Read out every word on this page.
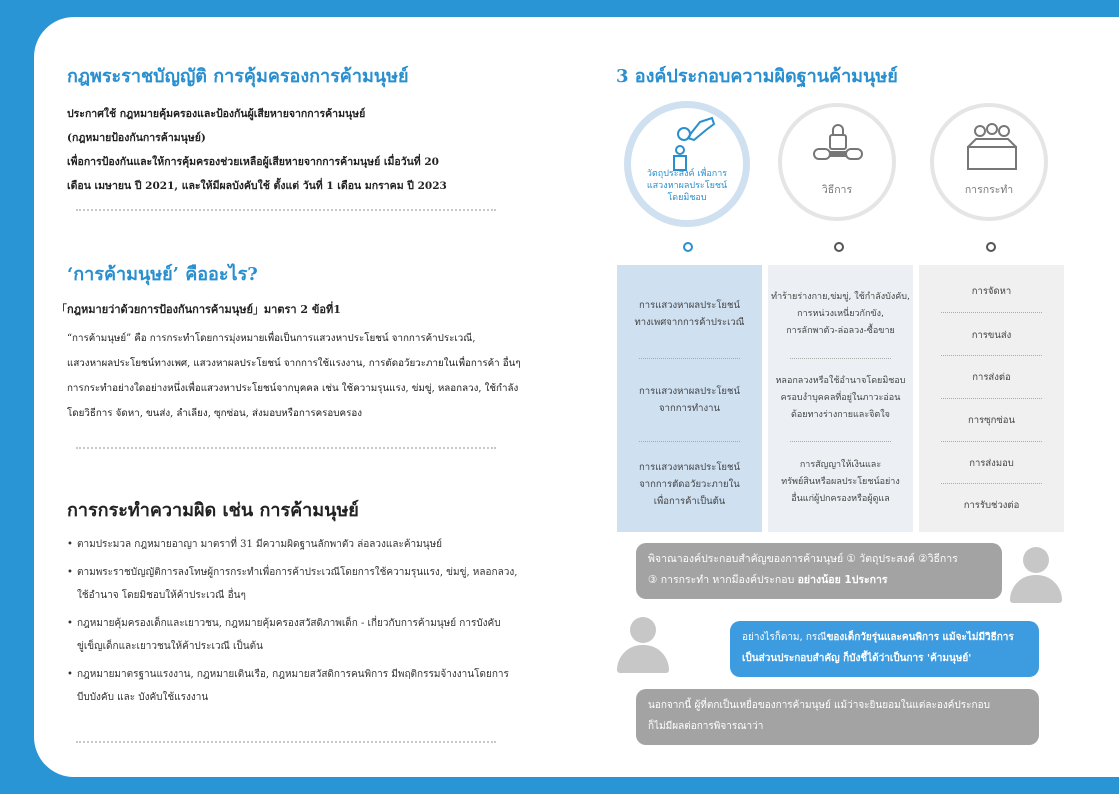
กฎพระราชบัญญัติ การคุ้มครองการค้ามนุษย์
ประกาศใช้ กฎหมายคุ้มครองและป้องกันผู้เสียหายจากการค้ามนุษย์
(กฎหมายป้องกันการค้ามนุษย์)
เพื่อการป้องกันและให้การคุ้มครองช่วยเหลือผู้เสียหายจากการค้ามนุษย์ เมื่อวันที่ 20
เดือน เมษายน ปี 2021, และให้มีผลบังคับใช้ ตั้งแต่ วันที่ 1 เดือน มกราคม ปี 2023
‘การค้ามนุษย์’ คืออะไร?
「กฎหมายว่าด้วยการป้องกันการค้ามนุษย์」มาตรา 2 ข้อที่1
“การค้ามนุษย์” คือ การกระทำโดยการมุ่งหมายเพื่อเป็นการแสวงหาประโยชน์ จากการค้าประเวณี,
แสวงหาผลประโยชน์ทางเพศ, แสวงหาผลประโยชน์ จากการใช้แรงงาน, การตัดอวัยวะภายในเพื่อการค้า อื่นๆ
การกระทำอย่างใดอย่างหนึ่งเพื่อแสวงหาประโยชน์จากบุคคล เช่น ใช้ความรุนแรง, ข่มขู่, หลอกลวง, ใช้กำลัง
โดยวิธีการ จัดหา, ขนส่ง, ลำเลียง, ซุกซ่อน, ส่งมอบหรือการครอบครอง
การกระทำความผิด เช่น การค้ามนุษย์
• ตามประมวล กฎหมายอาญา มาตราที่ 31 มีความผิดฐานลักพาตัว ล่อลวงและค้ามนุษย์
• ตามพระราชบัญญัติการลงโทษผู้การกระทำเพื่อการค้าประเวณีโดยการใช้ความรุนแรง, ข่มขู่, หลอกลวง,
ใช้อำนาจ โดยมิชอบให้ค้าประเวณี อื่นๆ
• กฎหมายคุ้มครองเด็กและเยาวชน, กฎหมายคุ้มครองสวัสดิภาพเด็ก - เกี่ยวกับการค้ามนุษย์ การบังคับ
ขู่เข็ญเด็กและเยาวชนให้ค้าประเวณี เป็นต้น
• กฎหมายมาตรฐานแรงงาน, กฎหมายเดินเรือ, กฎหมายสวัสดิการคนพิการ มีพฤติกรรมจ้างงานโดยการ
บีบบังคับ และ บังคับใช้แรงงาน
3 องค์ประกอบความผิดฐานค้ามนุษย์
วัตถุประสงค์ เพื่อการแสวงหาผลประโยชน์โดยมิชอบ
วิธีการ	การกระทำ
การแสวงหาผลประโยชน์
ทางเพศจากการค้าประเวณี
การแสวงหาผลประโยชน์
จากการทำงาน
การแสวงหาผลประโยชน์
จากการตัดอวัยวะภายใน
เพื่อการค้าเป็นต้น
ทำร้ายร่างกาย,ข่มขู่, ใช้กำลังบังคับ,
การหน่วงเหนี่ยวกักขัง,
การลักพาตัว-ล่อลวง-ซื้อขาย
หลอกลวงหรือใช้อำนาจโดยมิชอบ
ครอบงำบุคคลที่อยู่ในภาวะอ่อน
ด้อยทางร่างกายและจิตใจ
การสัญญาให้เงินและ
ทรัพย์สินหรือผลประโยชน์อย่าง
อื่นแก่ผู้ปกครองหรือผู้ดูแล
การจัดหา
การขนส่ง
การส่งต่อ
การซุกซ่อน
การส่งมอบ
การรับช่วงต่อ
พิจาณาองค์ประกอบสำคัญของการค้ามนุษย์ ① วัตถุประสงค์ ②วิธีการ
③ การกระทำ หากมีองค์ประกอบ อย่างน้อย 1ประการ
อย่างไรก็ตาม, กรณีของเด็กวัยรุ่นและคนพิการ แม้จะไม่มีวิธีการ
เป็นส่วนประกอบสำคัญ ก็บังชี้ได้ว่าเป็นการ 'ค้ามนุษย์'
นอกจากนี้ ผู้ที่ตกเป็นเหยื่อของการค้ามนุษย์ แม้ว่าจะยินยอมในแต่ละองค์ประกอบ
ก็ไม่มีผลต่อการพิจารณาว่า
